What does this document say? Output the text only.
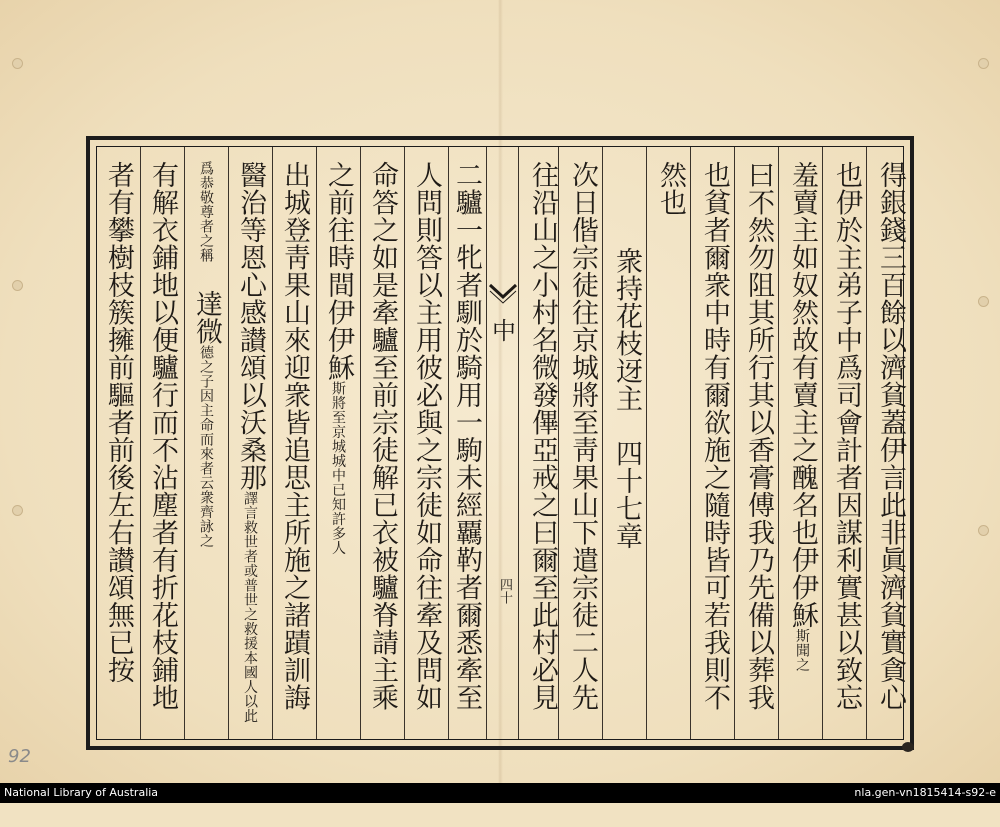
得銀錢三百餘以濟貧蓋伊言此非眞濟貧實貪心
也伊於主弟子中爲司會計者因謀利實甚以致忘
羞賣主如奴然故有賣主之醜名也伊伊穌斯聞之
曰不然勿阻其所行其以香膏傅我乃先備以葬我
也貧者爾衆中時有爾欲施之隨時皆可若我則不
然也
衆持花枝迓主　四十七章
次日偕宗徒往京城將至靑果山下遣宗徒二人先
往沿山之小村名微發𠌫亞戒之曰爾至此村必見
中
四十
二驢一牝者馴於騎用一駒未經覊靮者爾悉牽至
人問則答以主用彼必與之宗徒如命往牽及問如
命答之如是牽驢至前宗徒解已衣被驢脊請主乘
之前往時間伊伊穌斯將至京城城中已知許多人
出城登靑果山來迎衆皆追思主所施之諸蹟訓誨
醫治等恩心感讃頌以沃桑那譯言救世者或普世之救援本國人以此
爲恭敬尊者之稱　達微德之子因主命而來者云衆齊詠之
有解衣鋪地以便驢行而不沾塵者有折花枝鋪地
者有攀樹枝簇擁前驅者前後左右讃頌無已按
92
National Library of Australia	nla.gen-vn1815414-s92-e
